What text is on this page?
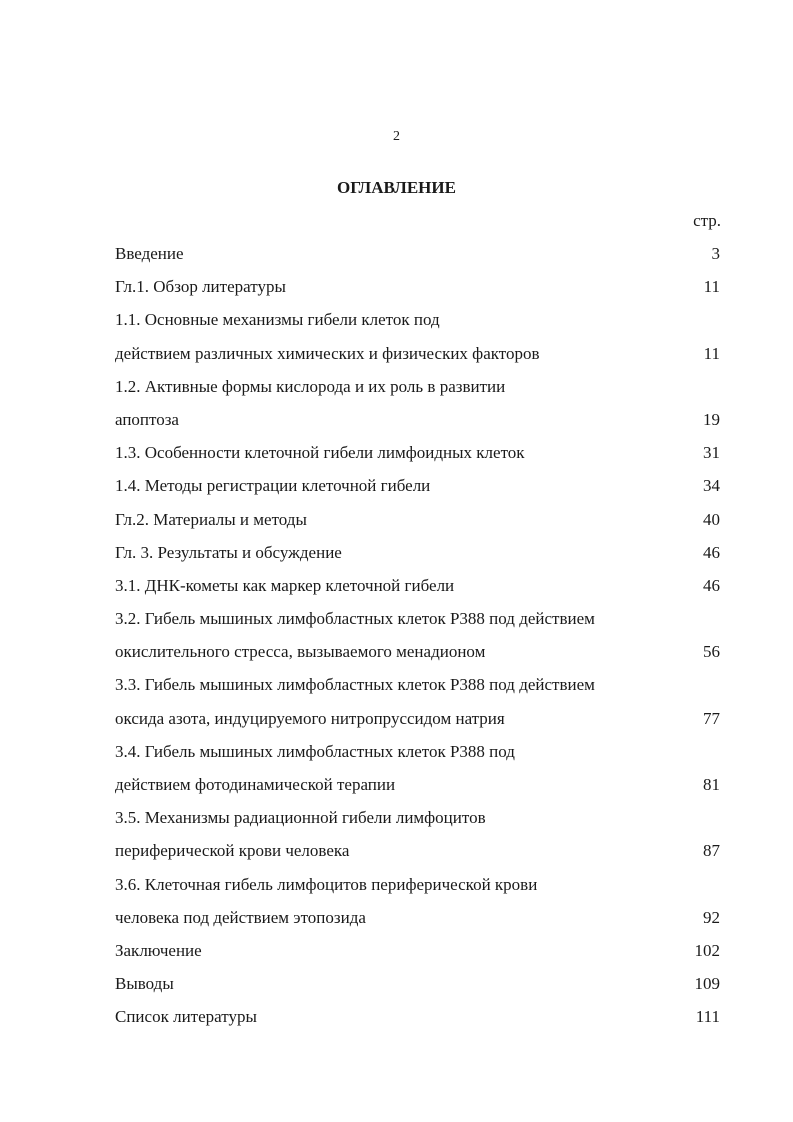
2
ОГЛАВЛЕНИЕ
стр.
Введение	3
Гл.1. Обзор литературы	11
1.1. Основные механизмы гибели клеток под
действием различных химических и физических факторов	11
1.2. Активные формы кислорода и их роль в развитии
апоптоза	19
1.3. Особенности клеточной гибели лимфоидных клеток	31
1.4. Методы регистрации клеточной гибели	34
Гл.2. Материалы и методы	40
Гл. 3. Результаты и обсуждение	46
3.1. ДНК-кометы как маркер клеточной гибели	46
3.2. Гибель мышиных лимфобластных клеток Р388 под действием
окислительного стресса, вызываемого менадионом	56
3.3. Гибель мышиных лимфобластных клеток Р388 под действием
оксида азота, индуцируемого нитропруссидом натрия	77
3.4. Гибель мышиных лимфобластных клеток Р388 под
действием фотодинамической терапии	81
3.5. Механизмы радиационной гибели лимфоцитов
периферической крови человека	87
3.6. Клеточная гибель лимфоцитов периферической крови
человека под действием этопозида	92
Заключение	102
Выводы	109
Список литературы	111
